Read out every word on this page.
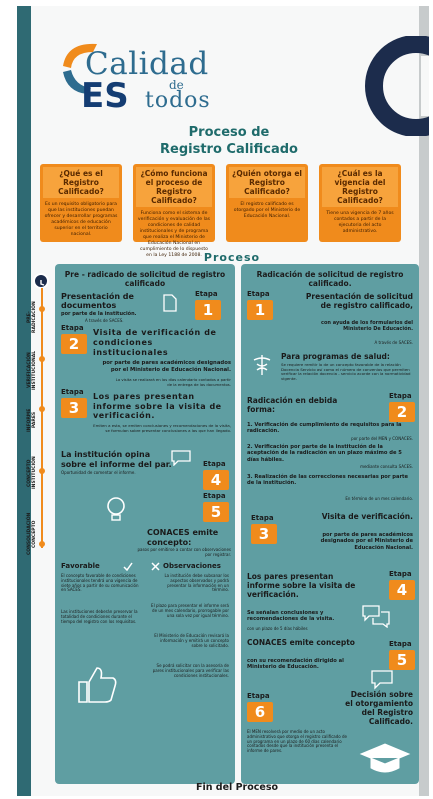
Calidad
ES	de
todos
Proceso de
Registro Calificado
¿Qué es el Registro Calificado?
Es un requisito obligatorio para que las instituciones puedan ofrecer y desarrollar programas académicos de educación superior en el territorio nacional.
¿Cómo funciona el proceso de Registro Calificado?
Funciona como el sistema de verificación y evaluación de las condiciones de calidad institucionales y de programa que realiza el Ministerio de Educación Nacional en cumplimiento de lo dispuesto en la Ley 1188 de 2008.
¿Quién otorga el Registro Calificado?
El registro calificado es otorgado por el Ministerio de Educación Nacional.
¿Cuál es la vigencia del Registro Calificado?
Tiene una vigencia de 7 años contados a partir de la ejecutoria del acto administrativo.
Proceso
PRE-RADICACIÓN
VERIFICACIÓN INSTITUCIONAL
INFORME PARES
CONCEPTO INSTITUCIÓN
CONSOLIDACIÓN CONCEPTO
Pre - radicado de solicitud de registro calificado
Presentación de documentos
por parte de la institución.
A través de SACES.
Etapa
1
Etapa
2
Visita de verificación de condiciones institucionales
por parte de pares académicos designados por el Ministerio de Educación Nacional.
La visita se realizará en los días calendario contados a partir de la entrega de los documentos.
Etapa
3
Los pares presentan informe sobre la visita de verificación.
Emiten a esta, se emiten conclusiones y recomendaciones de la visita, se formulan sobre presentar conclusiones a las que han llegado.
La institución opina sobre el informe del par.
Oportunidad de comentar el informe.
Etapa
4
Etapa
5
CONACES emite concepto:
pasos por emitirse a contar con observaciones por registrar.
Favorable	Observaciones
El concepto favorable de condiciones institucionales tendrá una vigencia de siete años a partir de su comunicación en SACES.
Las instituciones deberán preservar la totalidad de condiciones durante el tiempo del registro con los requisitos.
La institución debe subsanar los aspectos observados y podrá presentar la información en un término.
El plazo para presentar el informe será de un mes calendario, prorrogable por una sola vez por igual término.
El Ministerio de Educación revisará la información y emitirá un concepto sobre lo solicitado.
Se podrá solicitar con la asesoría de pares institucionales para verificar las condiciones institucionales.
Radicación de solicitud de registro calificado.
Etapa
1
Presentación de solicitud de registro calificado,
con ayuda de los formularios del Ministerio De Educación.
A través de SACES.
Para programas de salud:
Se requiere remitir lo de un concepto favorable de la relación Docencia Servicio así como el número de convenios que permiten verificar la relación docencia - servicio acorde con la normatividad vigente.
Radicación en debida forma:
Etapa
2
1. Verificación de cumplimiento de requisitos para la radicación.
por parte del MEN y CONACES.
2. Verificación por parte de la institución de la aceptación de la radicación en un plazo máximo de 5 días hábiles.
mediante consulta SACES.
3. Realización de las correcciones necesarias por parte de la institución.
En término de un mes calendario.
Etapa
3
Visita de verificación.
por parte de pares académicos designados por el Ministerio de Educación Nacional.
Los pares presentan informe sobre la visita de verificación.
Se señalan conclusiones y recomendaciones de la visita.
con un plazo de 5 días hábiles
Etapa
4
CONACES emite concepto
con su recomendación dirigido al Ministerio de Educación.
Etapa
5
Etapa
6
Decisión sobre el otorgamiento del Registro Calificado.
El MEN resolverá por medio de un acto administrativo que otorga el registro calificado de un programa en un plazo de 60 días calendario contados desde que la institución presenta el informe de pares.
Fin del Proceso
